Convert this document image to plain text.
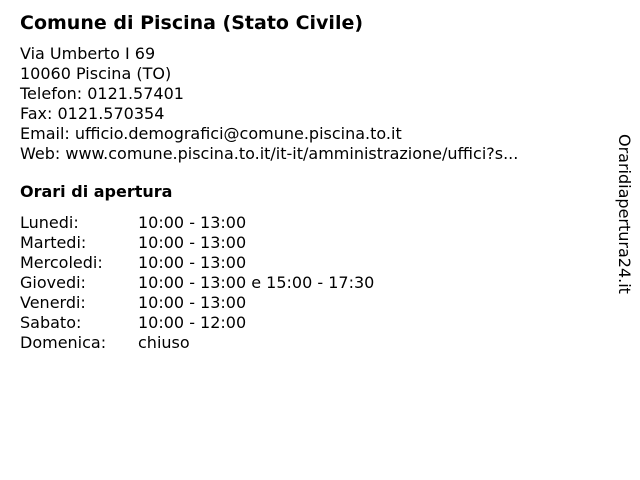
Comune di Piscina (Stato Civile)
Via Umberto I 69
10060 Piscina (TO)
Telefon: 0121.57401
Fax: 0121.570354
Email: ufficio.demografici@comune.piscina.to.it
Web: www.comune.piscina.to.it/it-it/amministrazione/uffici?s...
Orari di apertura
Lunedi:	10:00 - 13:00
Martedi:	10:00 - 13:00
Mercoledi:	10:00 - 13:00
Giovedi:	10:00 - 13:00 e 15:00 - 17:30
Venerdi:	10:00 - 13:00
Sabato:	10:00 - 12:00
Domenica:	chiuso
Oraridiapertura24.it
